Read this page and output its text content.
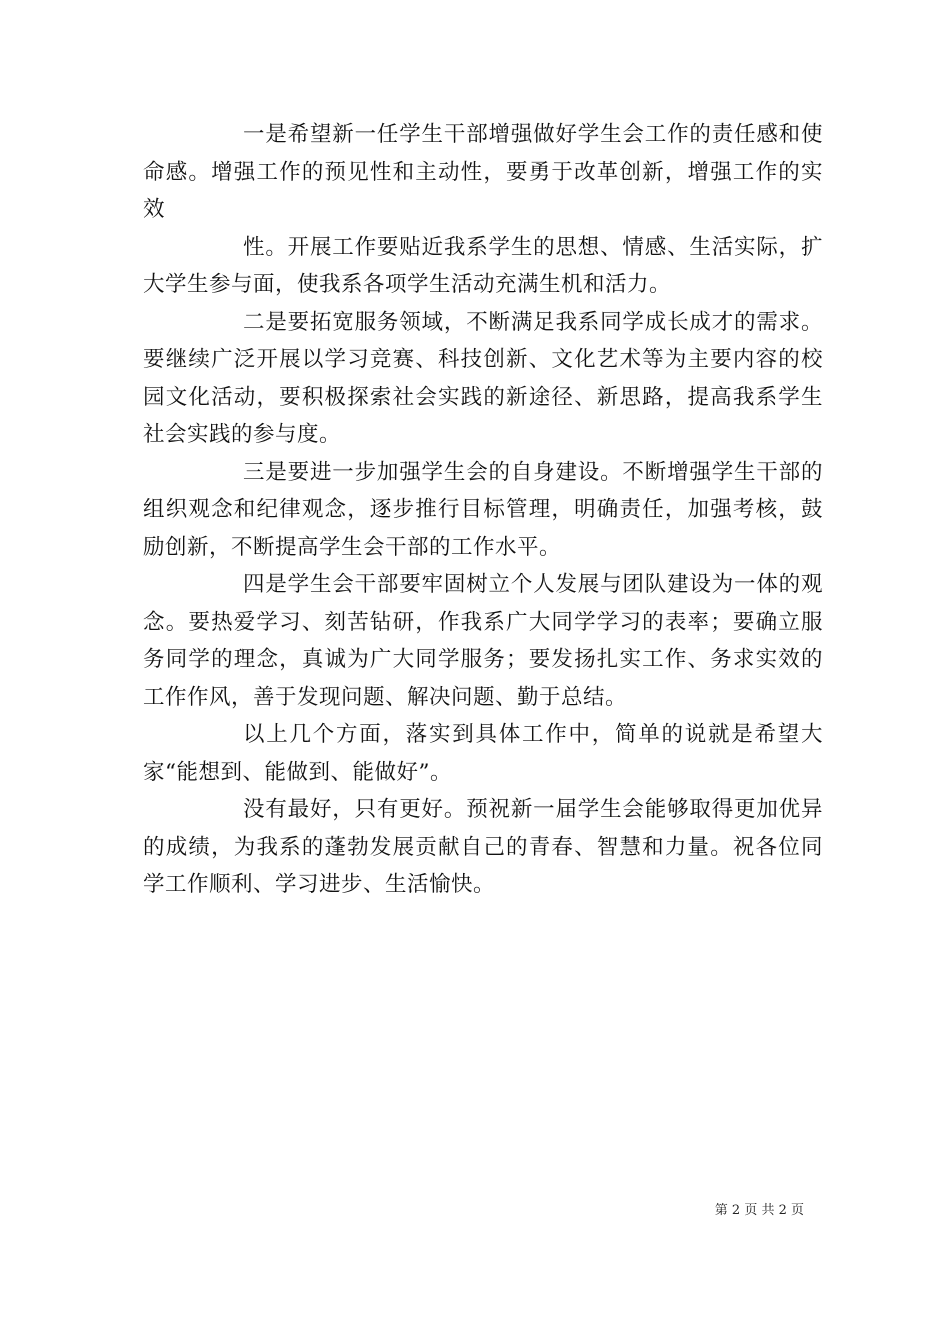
一是希望新一任学生干部增强做好学生会工作的责任感和使命感。增强工作的预见性和主动性，要勇于改革创新，增强工作的实效
性。开展工作要贴近我系学生的思想、情感、生活实际，扩大学生参与面，使我系各项学生活动充满生机和活力。

二是要拓宽服务领域，不断满足我系同学成长成才的需求。要继续广泛开展以学习竞赛、科技创新、文化艺术等为主要内容的校园文化活动，要积极探索社会实践的新途径、新思路，提高我系学生社会实践的参与度。

三是要进一步加强学生会的自身建设。不断增强学生干部的组织观念和纪律观念，逐步推行目标管理，明确责任，加强考核，鼓励创新，不断提高学生会干部的工作水平。

四是学生会干部要牢固树立个人发展与团队建设为一体的观念。要热爱学习、刻苦钻研，作我系广大同学学习的表率；要确立服务同学的理念，真诚为广大同学服务；要发扬扎实工作、务求实效的工作作风，善于发现问题、解决问题、勤于总结。

以上几个方面，落实到具体工作中，简单的说就是希望大家“能想到、能做到、能做好”。

没有最好，只有更好。预祝新一届学生会能够取得更加优异的成绩，为我系的蓬勃发展贡献自己的青春、智慧和力量。祝各位同学工作顺利、学习进步、生活愉快。

第 2 页 共 2 页
